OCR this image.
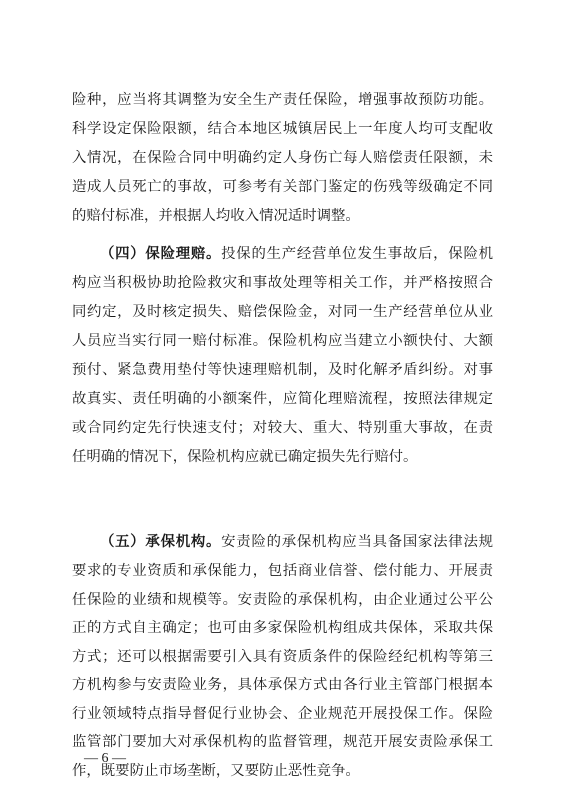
险种，应当将其调整为安全生产责任保险，增强事故预防功能。
科学设定保险限额，结合本地区城镇居民上一年度人均可支配收
入情况，在保险合同中明确约定人身伤亡每人赔偿责任限额，未
造成人员死亡的事故，可参考有关部门鉴定的伤残等级确定不同
的赔付标准，并根据人均收入情况适时调整。
（四）保险理赔。投保的生产经营单位发生事故后，保险机
构应当积极协助抢险救灾和事故处理等相关工作，并严格按照合
同约定，及时核定损失、赔偿保险金，对同一生产经营单位从业
人员应当实行同一赔付标准。保险机构应当建立小额快付、大额
预付、紧急费用垫付等快速理赔机制，及时化解矛盾纠纷。对事
故真实、责任明确的小额案件，应简化理赔流程，按照法律规定
或合同约定先行快速支付；对较大、重大、特别重大事故，在责
任明确的情况下，保险机构应就已确定损失先行赔付。
（五）承保机构。安责险的承保机构应当具备国家法律法规
— 6 —
要求的专业资质和承保能力，包括商业信誉、偿付能力、开展责
任保险的业绩和规模等。安责险的承保机构，由企业通过公平公
正的方式自主确定；也可由多家保险机构组成共保体，采取共保
方式；还可以根据需要引入具有资质条件的保险经纪机构等第三
方机构参与安责险业务，具体承保方式由各行业主管部门根据本
行业领域特点指导督促行业协会、企业规范开展投保工作。保险
监管部门要加大对承保机构的监督管理，规范开展安责险承保工
作，既要防止市场垄断，又要防止恶性竞争。
